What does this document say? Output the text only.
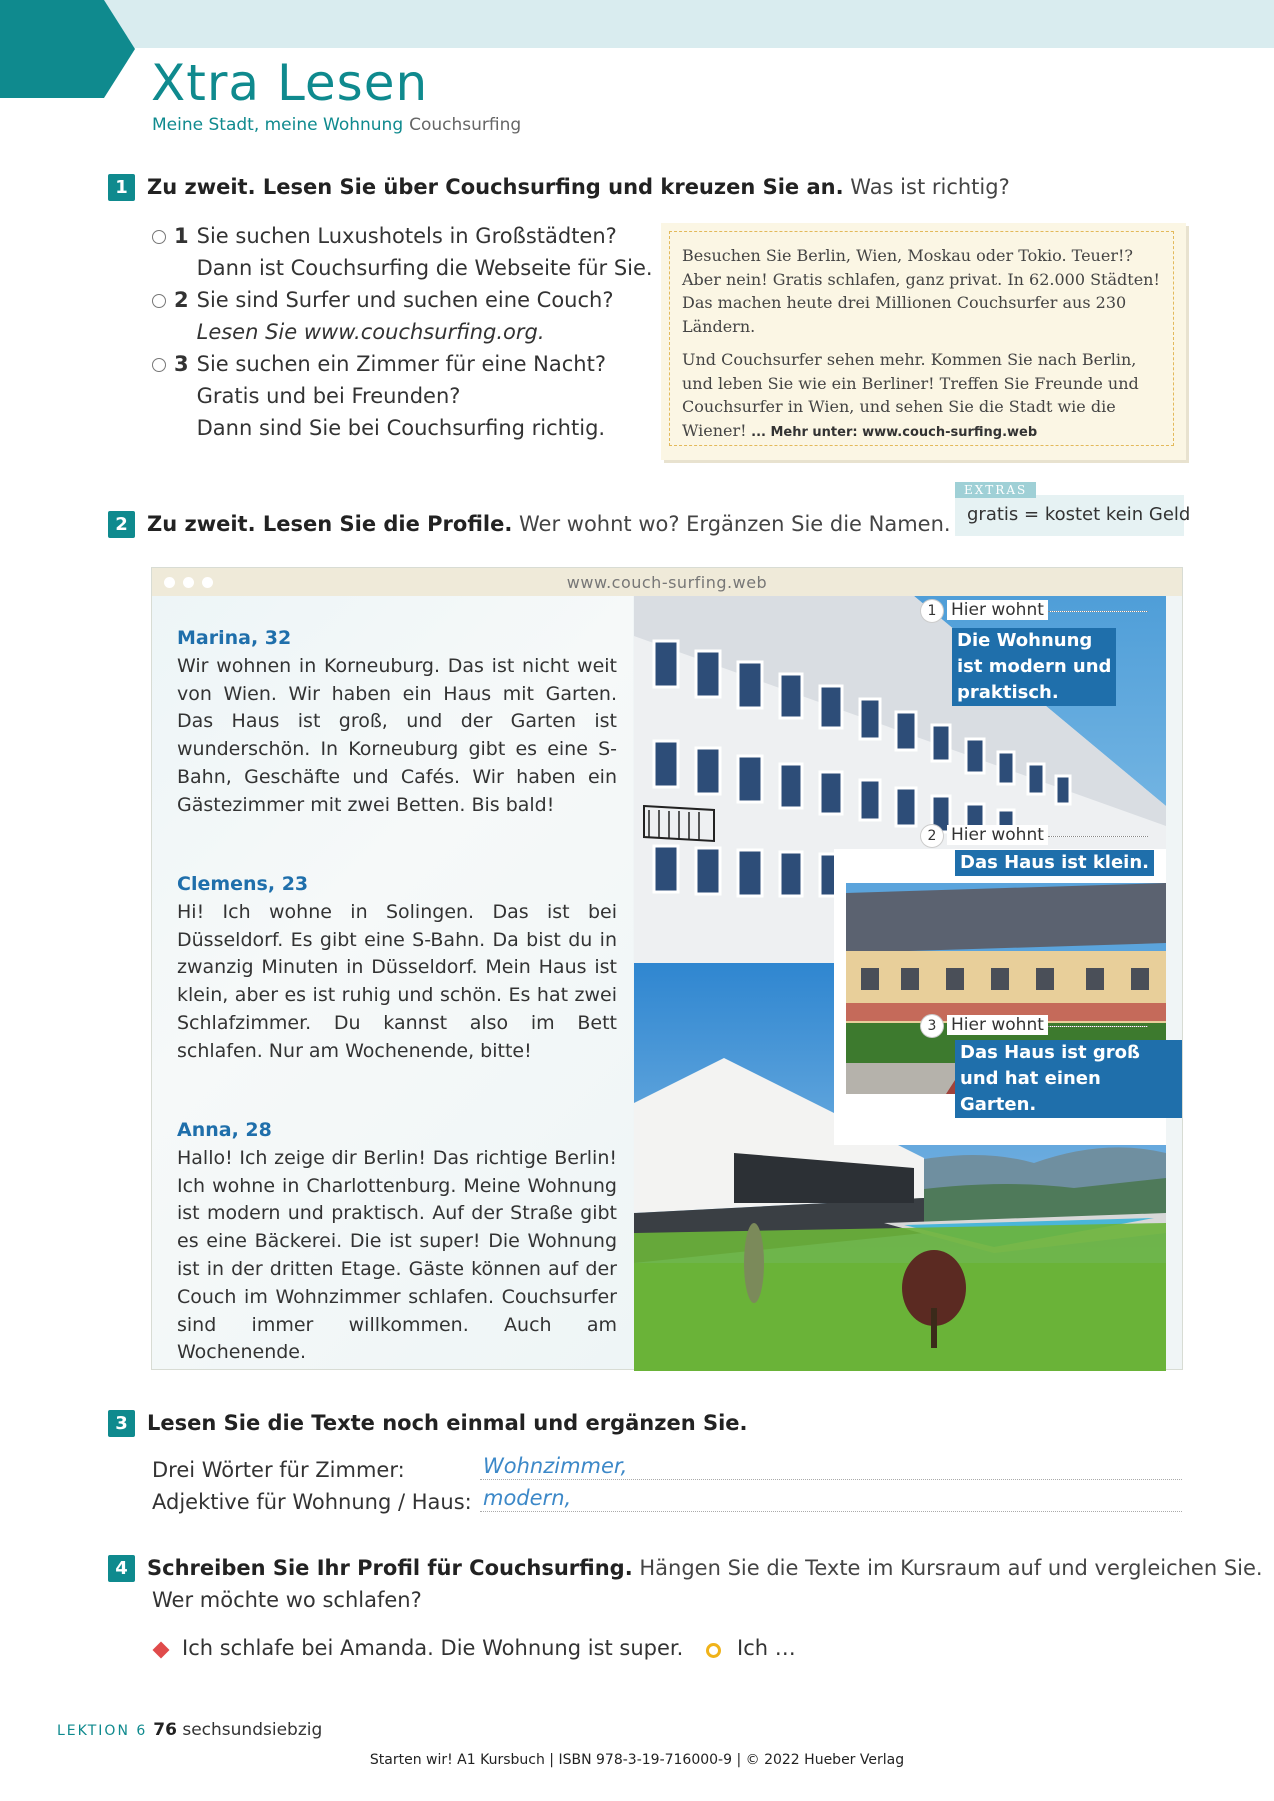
Xtra Lesen
Meine Stadt, meine Wohnung Couchsurfing
1 Zu zweit. Lesen Sie über Couchsurfing und kreuzen Sie an. Was ist richtig?
1 Sie suchen Luxushotels in Großstädten?
Dann ist Couchsurfing die Webseite für Sie.
2 Sie sind Surfer und suchen eine Couch?
Lesen Sie www.couchsurfing.org.
3 Sie suchen ein Zimmer für eine Nacht?
Gratis und bei Freunden?
Dann sind Sie bei Couchsurfing richtig.

Besuchen Sie Berlin, Wien, Moskau oder Tokio. Teuer!? Aber nein! Gratis schlafen, ganz privat. In 62.000 Städten! Das machen heute drei Millionen Couchsurfer aus 230 Ländern.

Und Couchsurfer sehen mehr. Kommen Sie nach Berlin, und leben Sie wie ein Berliner! Treffen Sie Freunde und Couchsurfer in Wien, und sehen Sie die Stadt wie die Wiener! ... Mehr unter: www.couch-surfing.web

EXTRAS
gratis = kostet kein Geld
2 Zu zweit. Lesen Sie die Profile. Wer wohnt wo? Ergänzen Sie die Namen.
www.couch-surfing.web
Marina, 32
Wir wohnen in Korneuburg. Das ist nicht weit von Wien. Wir haben ein Haus mit Garten. Das Haus ist groß, und der Garten ist wunderschön. In Korneuburg gibt es eine S-Bahn, Geschäfte und Cafés. Wir haben ein Gästezimmer mit zwei Betten. Bis bald!
Clemens, 23
Hi! Ich wohne in Solingen. Das ist bei Düsseldorf. Es gibt eine S-Bahn. Da bist du in zwanzig Minuten in Düsseldorf. Mein Haus ist klein, aber es ist ruhig und schön. Es hat zwei Schlafzimmer. Du kannst also im Bett schlafen. Nur am Wochenende, bitte!
Anna, 28
Hallo! Ich zeige dir Berlin! Das richtige Berlin! Ich wohne in Charlottenburg. Meine Wohnung ist modern und praktisch. Auf der Straße gibt es eine Bäckerei. Die ist super! Die Wohnung ist in der dritten Etage. Gäste können auf der Couch im Wohnzimmer schlafen. Couchsurfer sind immer willkommen. Auch am Wochenende.
1 Hier wohnt
Die Wohnung
ist modern und
praktisch.
2 Hier wohnt
Das Haus ist klein.
3 Hier wohnt
Das Haus ist groß
und hat einen Garten.
3 Lesen Sie die Texte noch einmal und ergänzen Sie.
Drei Wörter für Zimmer:	Wohnzimmer,
Adjektive für Wohnung / Haus: modern,
4 Schreiben Sie Ihr Profil für Couchsurfing. Hängen Sie die Texte im Kursraum auf und vergleichen Sie.
Wer möchte wo schlafen?
Ich schlafe bei Amanda. Die Wohnung ist super.	Ich …
LEKTION 6 76 sechsundsiebzig
Starten wir! A1 Kursbuch | ISBN 978-3-19-716000-9 | © 2022 Hueber Verlag
